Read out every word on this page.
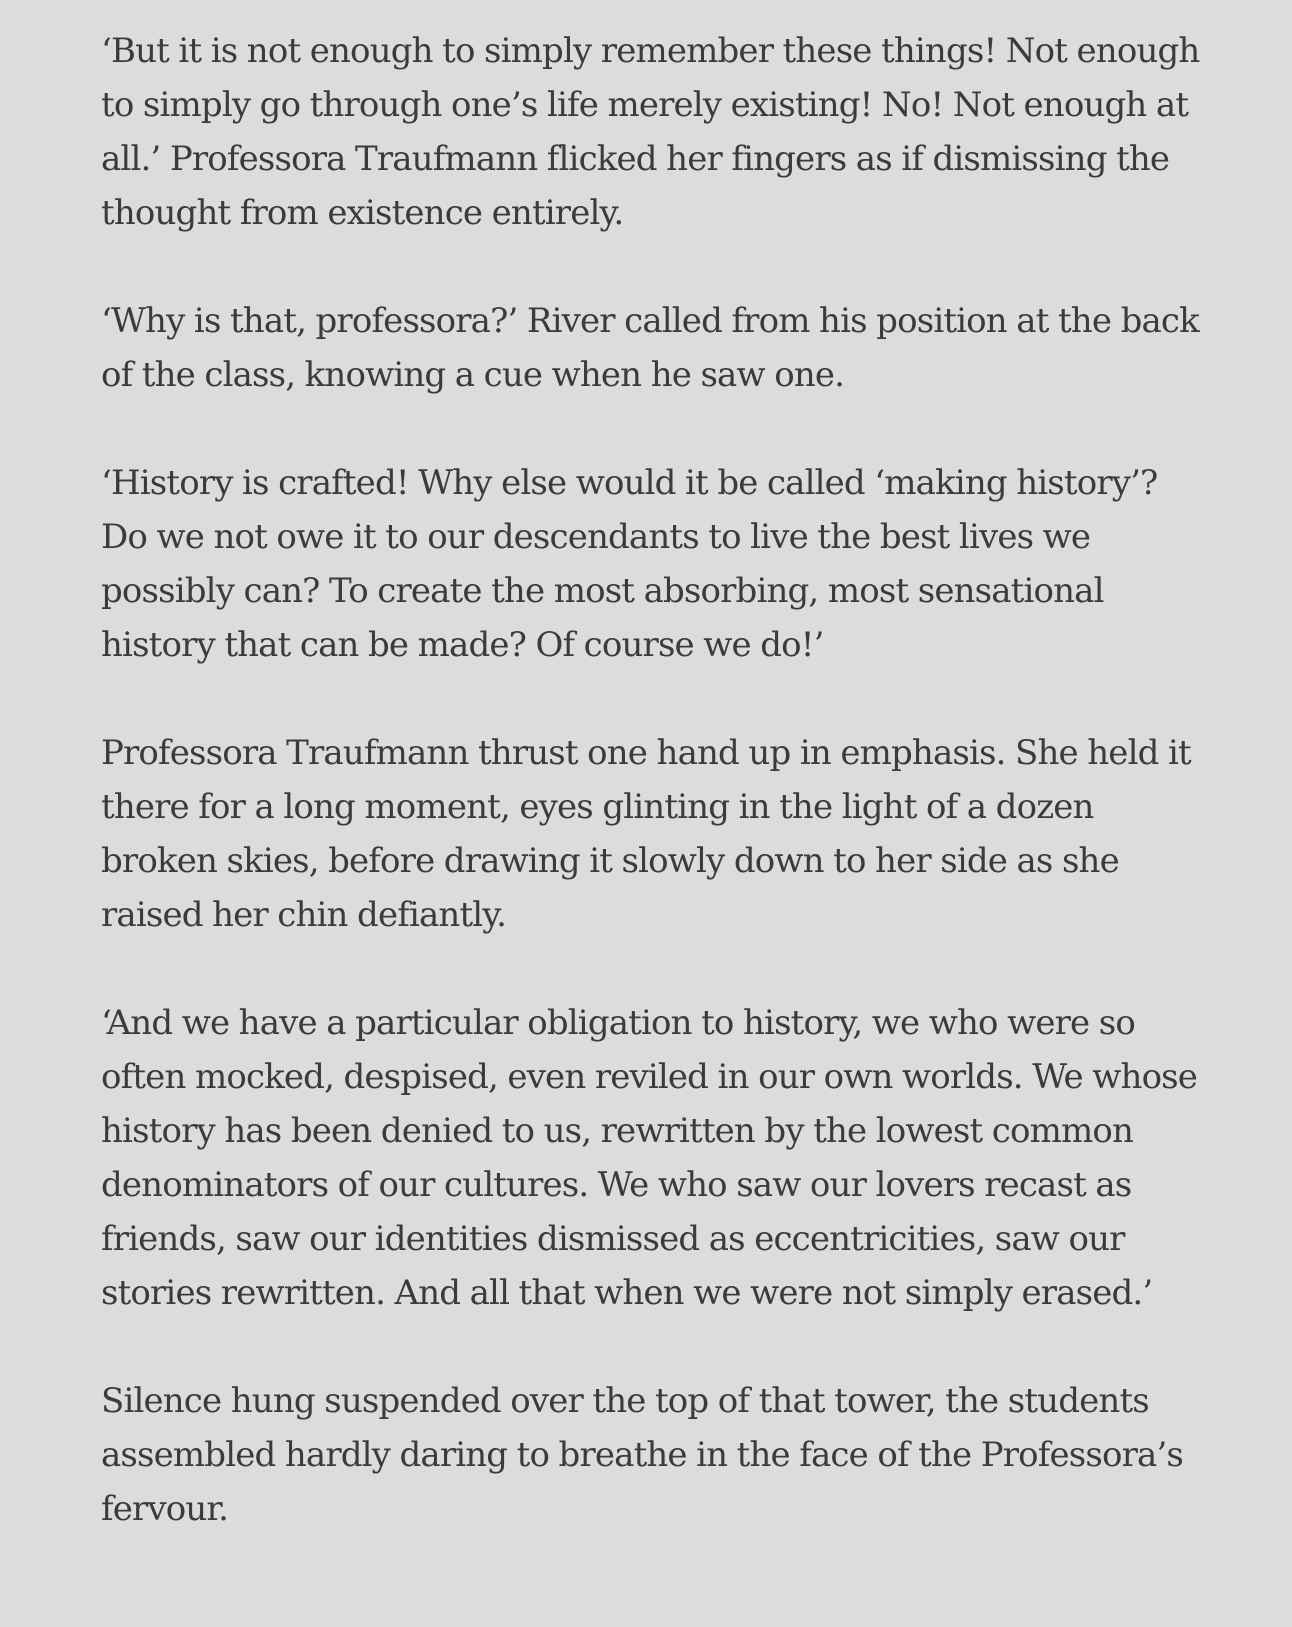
‘But it is not enough to simply remember these things! Not enough to simply go through one’s life merely existing! No! Not enough at all.’ Professora Traufmann flicked her fingers as if dismissing the thought from existence entirely.

‘Why is that, professora?’ River called from his position at the back of the class, knowing a cue when he saw one.

‘History is crafted! Why else would it be called ‘making history’? Do we not owe it to our descendants to live the best lives we possibly can? To create the most absorbing, most sensational history that can be made? Of course we do!’

Professora Traufmann thrust one hand up in emphasis. She held it there for a long moment, eyes glinting in the light of a dozen broken skies, before drawing it slowly down to her side as she raised her chin defiantly.

‘And we have a particular obligation to history, we who were so often mocked, despised, even reviled in our own worlds. We whose history has been denied to us, rewritten by the lowest common denominators of our cultures. We who saw our lovers recast as friends, saw our identities dismissed as eccentricities, saw our stories rewritten. And all that when we were not simply erased.’

Silence hung suspended over the top of that tower, the students assembled hardly daring to breathe in the face of the Professora’s fervour.
